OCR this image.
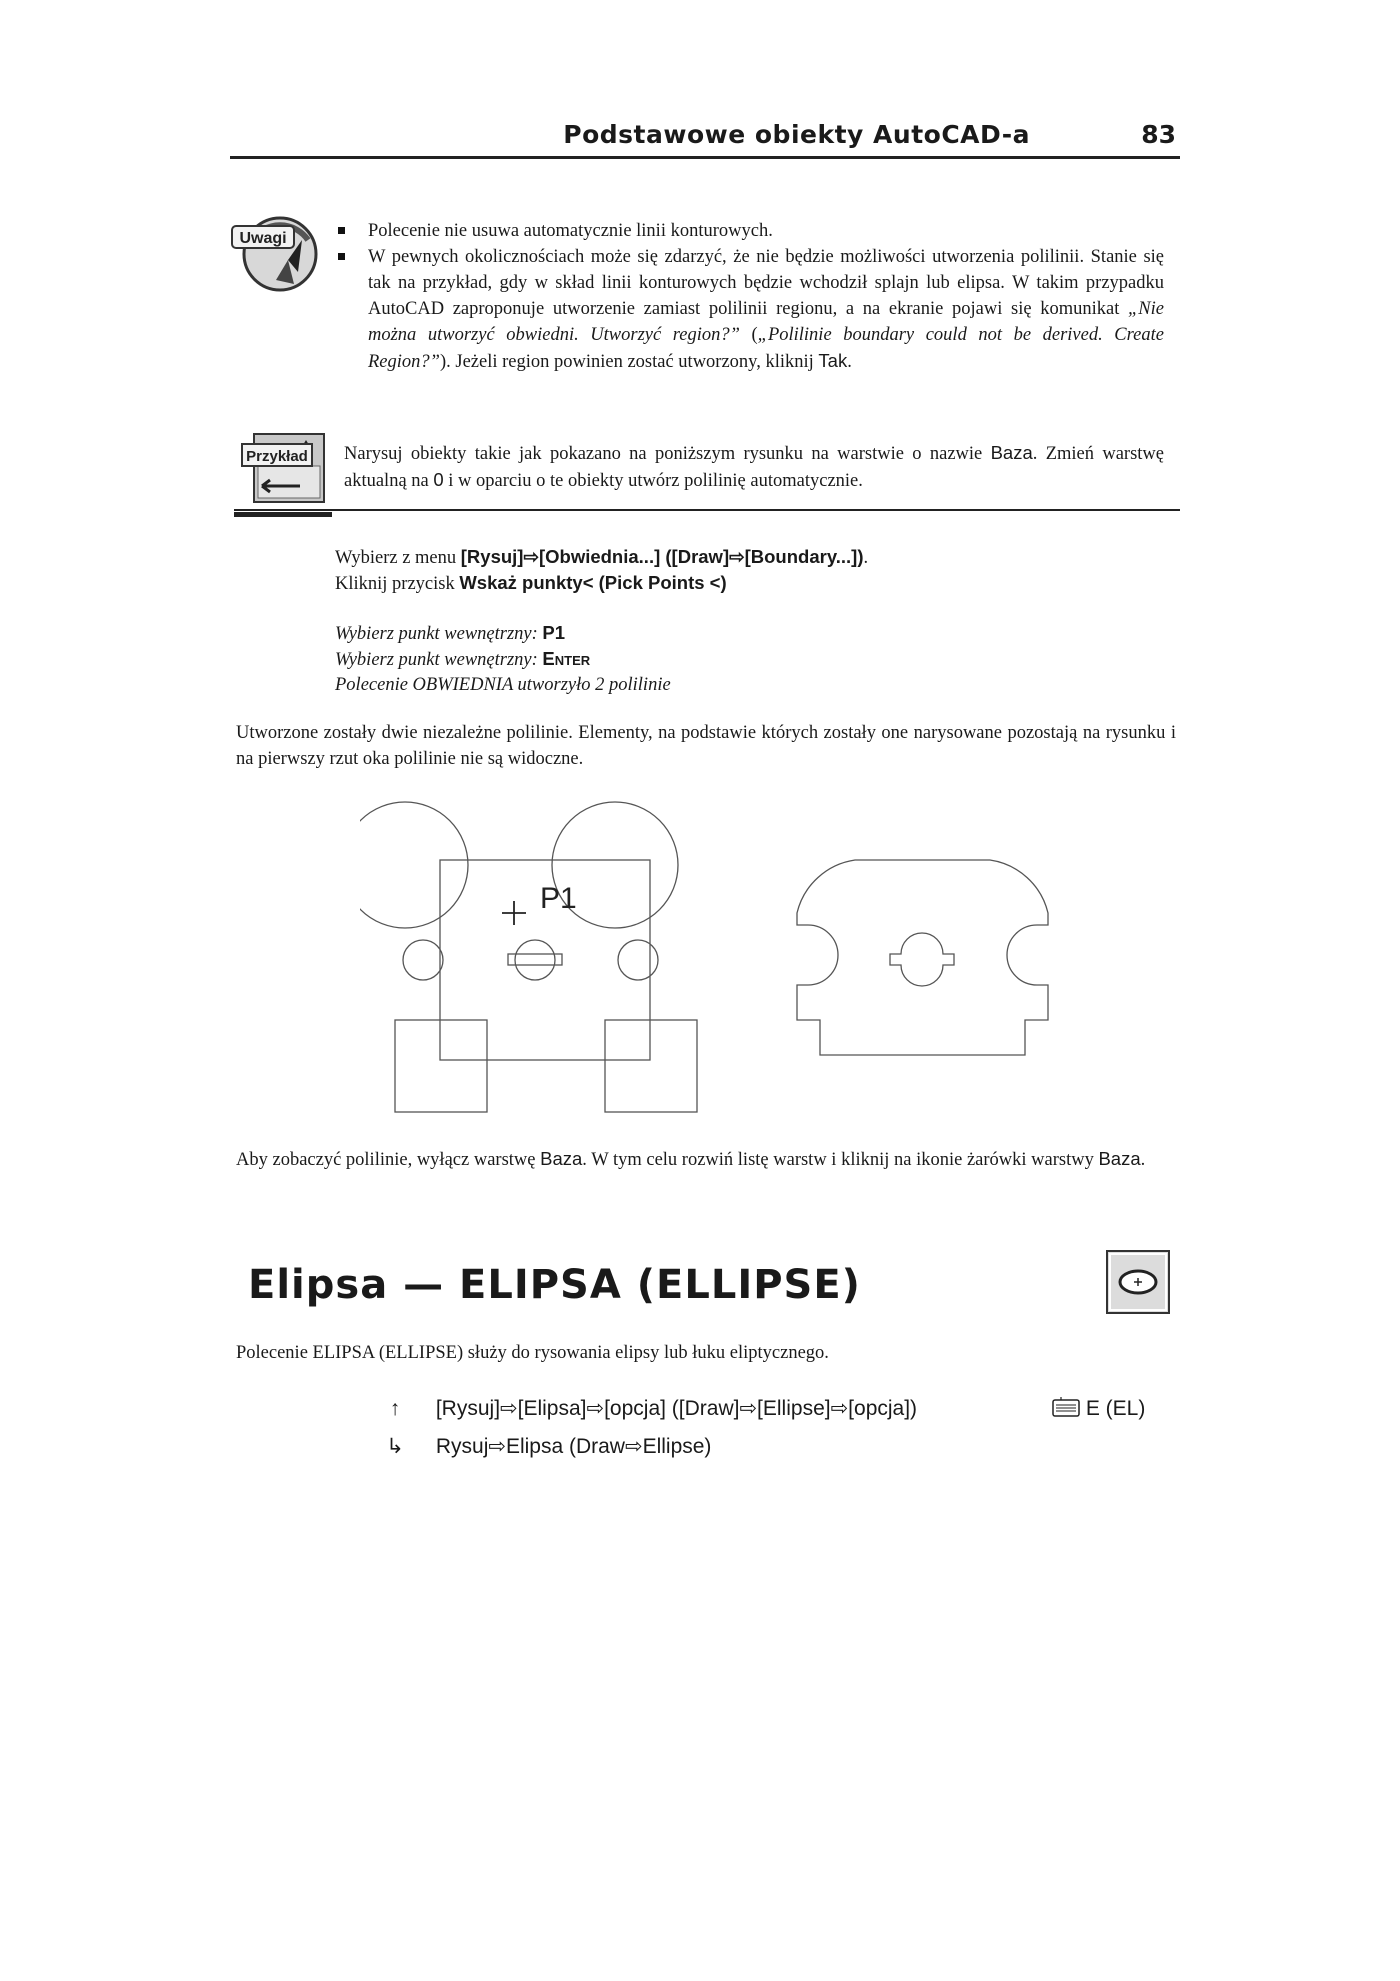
Podstawowe obiekty AutoCAD-a	83
Uwagi	Polecenie nie usuwa automatycznie linii konturowych.
W pewnych okolicznościach może się zdarzyć, że nie będzie możliwości utworzenia polilinii. Stanie się tak na przykład, gdy w skład linii konturowych będzie wchodził splajn lub elipsa. W takim przypadku AutoCAD zaproponuje utworzenie zamiast polilinii regionu, a na ekranie pojawi się komunikat „Nie można utworzyć obwiedni. Utworzyć region?” („Polilinie boundary could not be derived. Create Region?”). Jeżeli region powinien zostać utworzony, kliknij Tak.
Przykład Narysuj obiekty takie jak pokazano na poniższym rysunku na warstwie o nazwie Baza. Zmień warstwę aktualną na 0 i w oparciu o te obiekty utwórz polilinię automatycznie.
Wybierz z menu [Rysuj]⇨[Obwiednia...] ([Draw]⇨[Boundary...]).
Kliknij przycisk Wskaż punkty< (Pick Points <)
Wybierz punkt wewnętrzny: P1
Wybierz punkt wewnętrzny: Enter
Polecenie OBWIEDNIA utworzyło 2 polilinie
Utworzone zostały dwie niezależne polilinie. Elementy, na podstawie których zostały one narysowane pozostają na rysunku i na pierwszy rzut oka polilinie nie są widoczne.
P1
Aby zobaczyć polilinie, wyłącz warstwę Baza. W tym celu rozwiń listę warstw i kliknij na ikonie żarówki warstwy Baza.
Elipsa — ELIPSA (ELLIPSE)
Polecenie ELIPSA (ELLIPSE) służy do rysowania elipsy lub łuku eliptycznego.
↑ [Rysuj]⇨[Elipsa]⇨[opcja] ([Draw]⇨[Ellipse]⇨[opcja])	E (EL)
↳ Rysuj⇨Elipsa (Draw⇨Ellipse)
